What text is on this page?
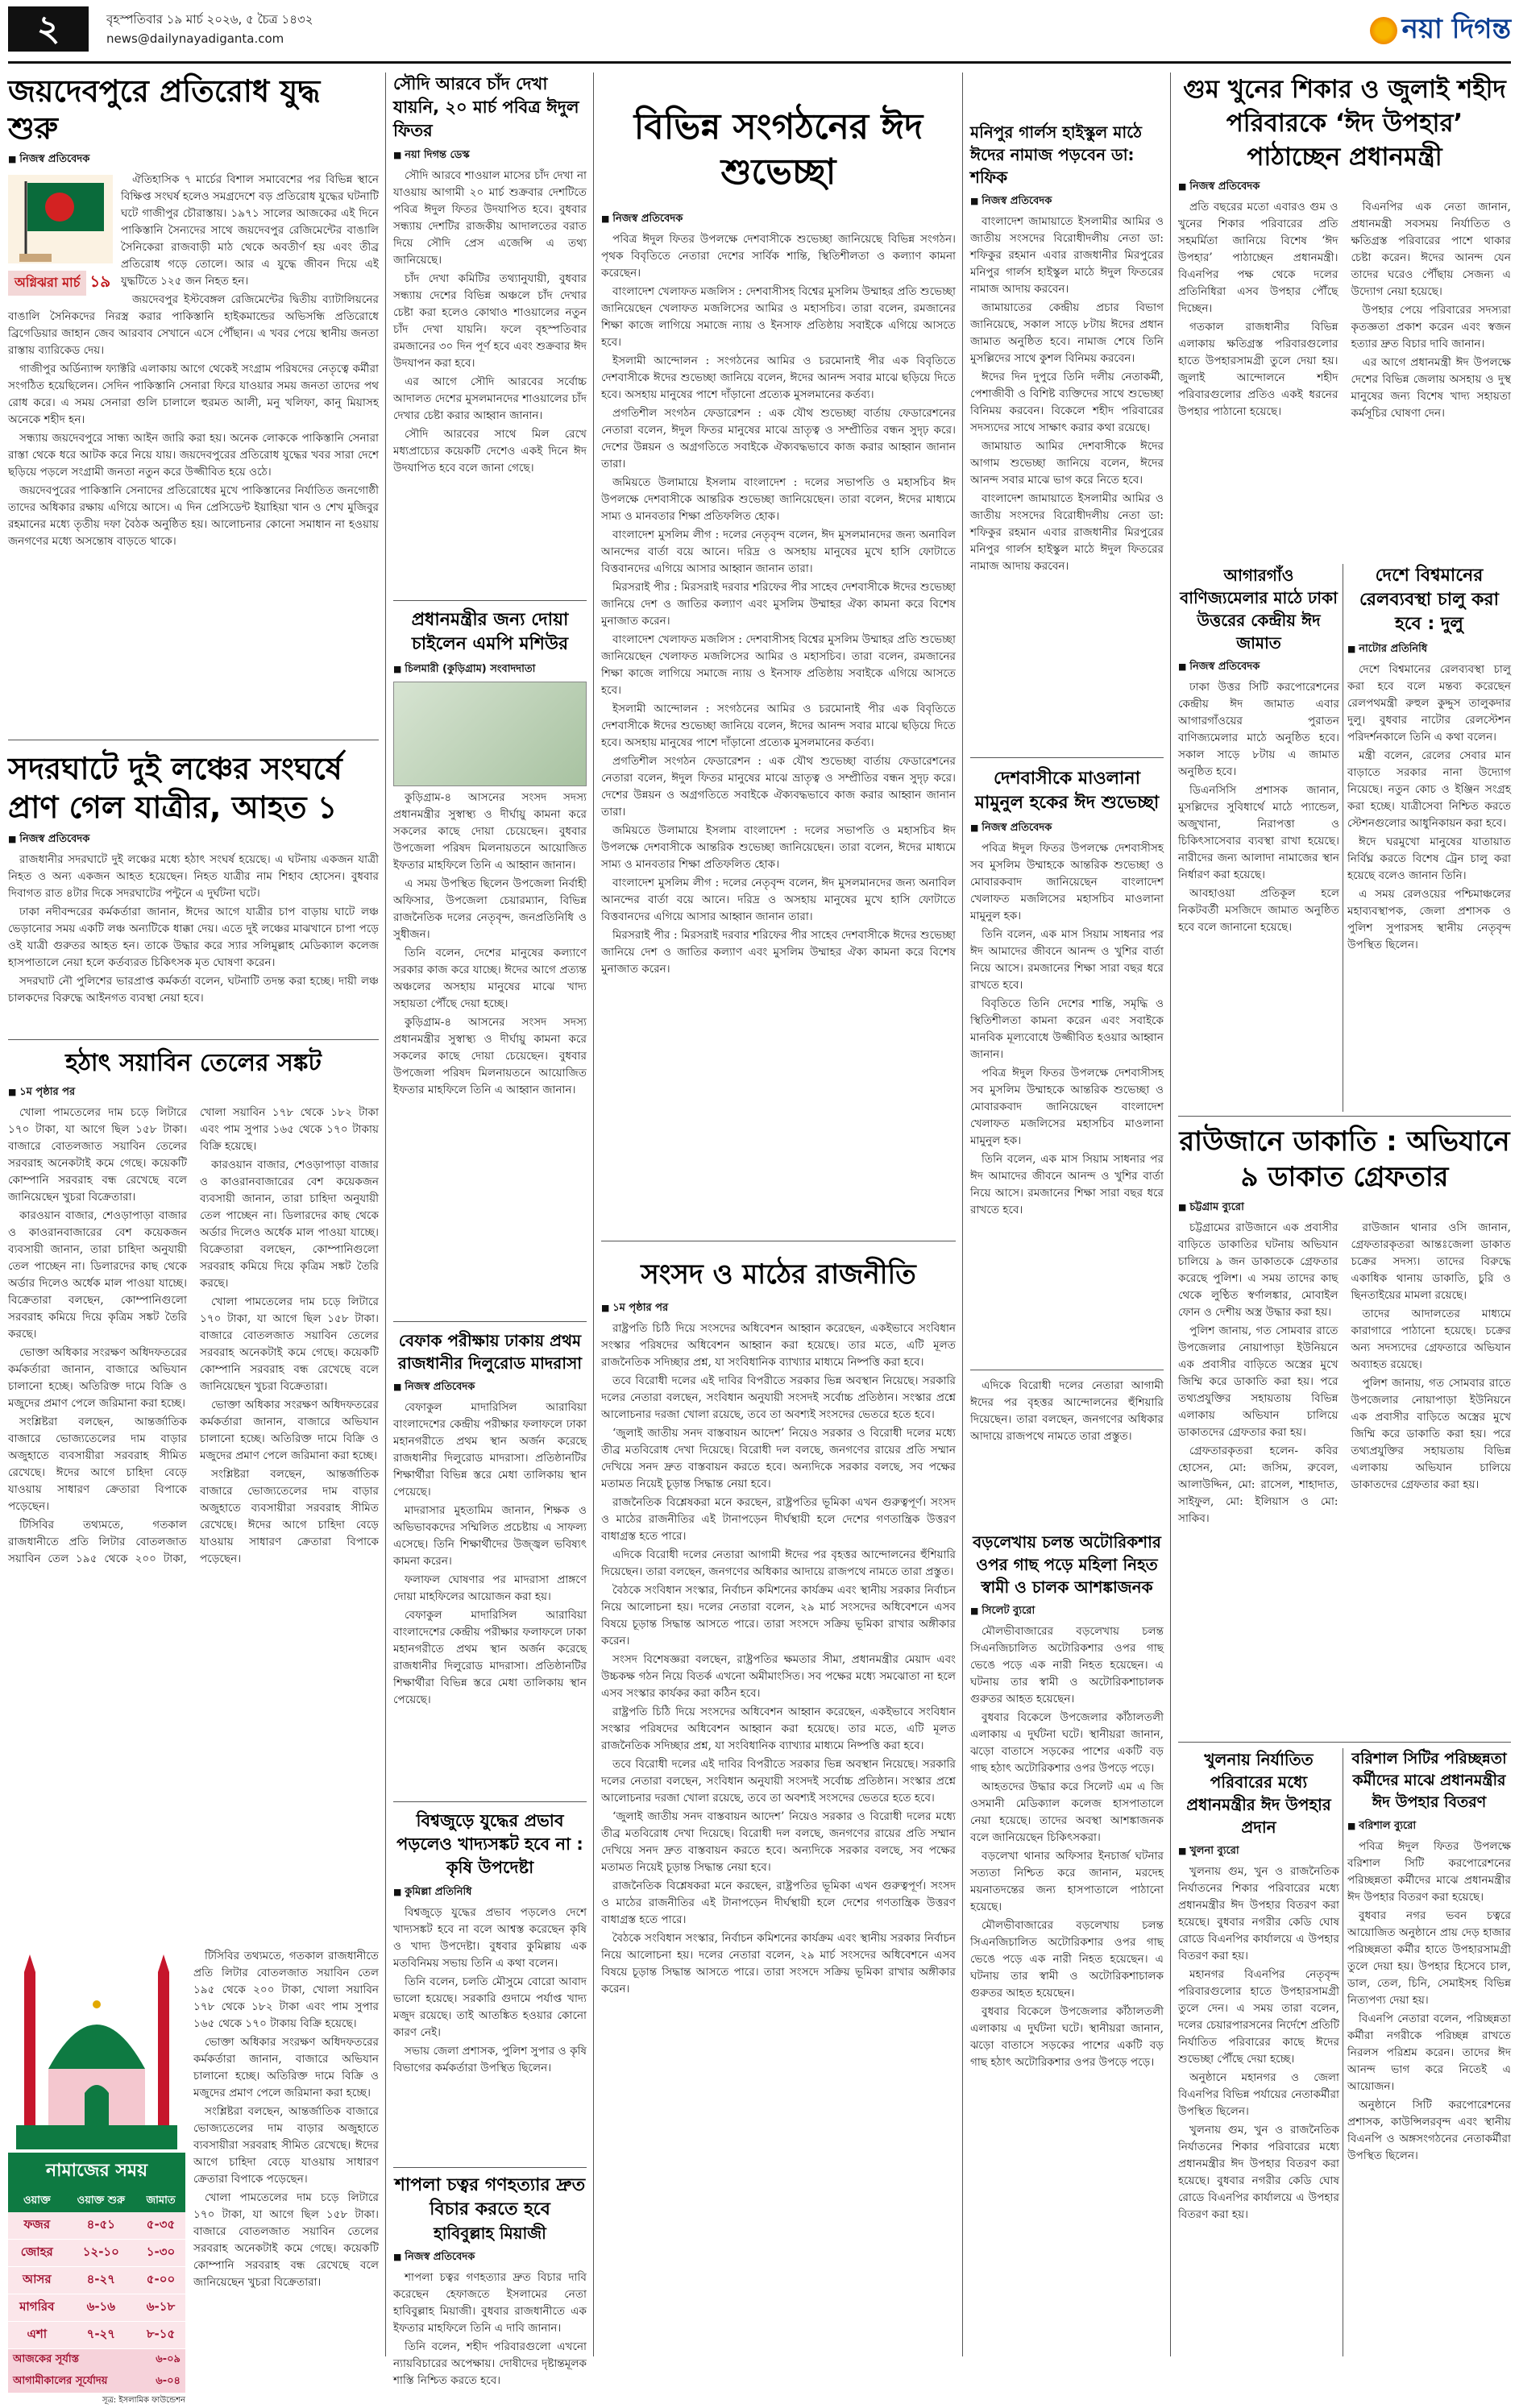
২	বৃহস্পতিবার ১৯ মার্চ ২০২৬, ৫ চৈত্র ১৪৩২
news@dailynayadiganta.com	নয়া দিগন্ত
জয়দেবপুরে প্রতিরোধ যুদ্ধ শুরু
■ নিজস্ব প্রতিবেদক
অগ্নিঝরা মার্চ ১৯

ঐতিহাসিক ৭ মার্চের বিশাল সমাবেশের পর বিভিন্ন স্থানে বিক্ষিপ্ত সংঘর্ষ হলেও সমগ্রদেশে বড় প্রতিরোধ যুদ্ধের ঘটনাটি ঘটে গাজীপুর চৌরাস্তায়। ১৯৭১ সালের আজকের এই দিনে পাকিস্তানি সৈন্যদের সাথে জয়দেবপুর রেজিমেন্টের বাঙালি সৈনিকেরা রাজবাড়ী মাঠ থেকে অবতীর্ণ হয় এবং তীব্র প্রতিরোধ গড়ে তোলে। আর এ যুদ্ধে জীবন দিয়ে এই যুদ্ধটিতে ১২৫ জন নিহত হন।

জয়দেবপুর ইস্টবেঙ্গল রেজিমেন্টের দ্বিতীয় ব্যাটালিয়নের বাঙালি সৈনিকদের নিরস্ত্র করার পাকিস্তানি হাইকমান্ডের অভিসন্ধি প্রতিরোধে ব্রিগেডিয়ার জাহান জেব আরবাব সেখানে এসে পৌঁছান। এ খবর পেয়ে স্থানীয় জনতা রাস্তায় ব্যারিকেড দেয়।

গাজীপুর অর্ডিন্যান্স ফ্যাক্টরি এলাকায় আগে থেকেই সংগ্রাম পরিষদের নেতৃত্বে কর্মীরা সংগঠিত হয়েছিলেন। সেদিন পাকিস্তানি সেনারা ফিরে যাওয়ার সময় জনতা তাদের পথ রোধ করে। এ সময় সেনারা গুলি চালালে হুরমত আলী, মনু খলিফা, কানু মিয়াসহ অনেকে শহীদ হন।

সন্ধ্যায় জয়দেবপুরে সান্ধ্য আইন জারি করা হয়। অনেক লোককে পাকিস্তানি সেনারা রাস্তা থেকে ধরে আটক করে নিয়ে যায়। জয়দেবপুরের প্রতিরোধ যুদ্ধের খবর সারা দেশে ছড়িয়ে পড়লে সংগ্রামী জনতা নতুন করে উজ্জীবিত হয়ে ওঠে।

জয়দেবপুরের পাকিস্তানি সেনাদের প্রতিরোধের মুখে পাকিস্তানের নির্যাতিত জনগোষ্ঠী তাদের অধিকার রক্ষায় এগিয়ে আসে। এ দিন প্রেসিডেন্ট ইয়াহিয়া খান ও শেখ মুজিবুর রহমানের মধ্যে তৃতীয় দফা বৈঠক অনুষ্ঠিত হয়। আলোচনার কোনো সমাধান না হওয়ায় জনগণের মধ্যে অসন্তোষ বাড়তে থাকে।

সদরঘাটে দুই লঞ্চের সংঘর্ষে প্রাণ গেল যাত্রীর, আহত ১
■ নিজস্ব প্রতিবেদক

রাজধানীর সদরঘাটে দুই লঞ্চের মধ্যে হঠাৎ সংঘর্ষ হয়েছে। এ ঘটনায় একজন যাত্রী নিহত ও অন্য একজন আহত হয়েছেন। নিহত যাত্রীর নাম শিহাব হোসেন। বুধবার দিবাগত রাত ৪টার দিকে সদরঘাটের পন্টুনে এ দুর্ঘটনা ঘটে।

ঢাকা নদীবন্দরের কর্মকর্তারা জানান, ঈদের আগে যাত্রীর চাপ বাড়ায় ঘাটে লঞ্চ ভেড়ানোর সময় একটি লঞ্চ অন্যটিকে ধাক্কা দেয়। এতে দুই লঞ্চের মাঝখানে চাপা পড়ে ওই যাত্রী গুরুতর আহত হন। তাকে উদ্ধার করে স্যার সলিমুল্লাহ মেডিক্যাল কলেজ হাসপাতালে নেয়া হলে কর্তব্যরত চিকিৎসক মৃত ঘোষণা করেন।

সদরঘাট নৌ পুলিশের ভারপ্রাপ্ত কর্মকর্তা বলেন, ঘটনাটি তদন্ত করা হচ্ছে। দায়ী লঞ্চ চালকদের বিরুদ্ধে আইনগত ব্যবস্থা নেয়া হবে।

হঠাৎ সয়াবিন তেলের সঙ্কট
■ ১ম পৃষ্ঠার পর

খোলা পামতেলের দাম চড়ে লিটারে ১৭০ টাকা, যা আগে ছিল ১৫৮ টাকা। বাজারে বোতলজাত সয়াবিন তেলের সরবরাহ অনেকটাই কমে গেছে। কয়েকটি কোম্পানি সরবরাহ বন্ধ রেখেছে বলে জানিয়েছেন খুচরা বিক্রেতারা।

কারওয়ান বাজার, শেওড়াপাড়া বাজার ও কাওরানবাজারের বেশ কয়েকজন ব্যবসায়ী জানান, তারা চাহিদা অনুযায়ী তেল পাচ্ছেন না। ডিলারদের কাছ থেকে অর্ডার দিলেও অর্ধেক মাল পাওয়া যাচ্ছে। বিক্রেতারা বলছেন, কোম্পানিগুলো সরবরাহ কমিয়ে দিয়ে কৃত্রিম সঙ্কট তৈরি করছে।

ভোক্তা অধিকার সংরক্ষণ অধিদফতরের কর্মকর্তারা জানান, বাজারে অভিযান চালানো হচ্ছে। অতিরিক্ত দামে বিক্রি ও মজুদের প্রমাণ পেলে জরিমানা করা হচ্ছে।

সংশ্লিষ্টরা বলছেন, আন্তর্জাতিক বাজারে ভোজ্যতেলের দাম বাড়ার অজুহাতে ব্যবসায়ীরা সরবরাহ সীমিত রেখেছে। ঈদের আগে চাহিদা বেড়ে যাওয়ায় সাধারণ ক্রেতারা বিপাকে পড়েছেন।

টিসিবির তথ্যমতে, গতকাল রাজধানীতে প্রতি লিটার বোতলজাত সয়াবিন তেল ১৯৫ থেকে ২০০ টাকা, খোলা সয়াবিন ১৭৮ থেকে ১৮২ টাকা এবং পাম সুপার ১৬৫ থেকে ১৭০ টাকায় বিক্রি হয়েছে।

কারওয়ান বাজার, শেওড়াপাড়া বাজার ও কাওরানবাজারের বেশ কয়েকজন ব্যবসায়ী জানান, তারা চাহিদা অনুযায়ী তেল পাচ্ছেন না। ডিলারদের কাছ থেকে অর্ডার দিলেও অর্ধেক মাল পাওয়া যাচ্ছে। বিক্রেতারা বলছেন, কোম্পানিগুলো সরবরাহ কমিয়ে দিয়ে কৃত্রিম সঙ্কট তৈরি করছে।

খোলা পামতেলের দাম চড়ে লিটারে ১৭০ টাকা, যা আগে ছিল ১৫৮ টাকা। বাজারে বোতলজাত সয়াবিন তেলের সরবরাহ অনেকটাই কমে গেছে। কয়েকটি কোম্পানি সরবরাহ বন্ধ রেখেছে বলে জানিয়েছেন খুচরা বিক্রেতারা।

ভোক্তা অধিকার সংরক্ষণ অধিদফতরের কর্মকর্তারা জানান, বাজারে অভিযান চালানো হচ্ছে। অতিরিক্ত দামে বিক্রি ও মজুদের প্রমাণ পেলে জরিমানা করা হচ্ছে।

সংশ্লিষ্টরা বলছেন, আন্তর্জাতিক বাজারে ভোজ্যতেলের দাম বাড়ার অজুহাতে ব্যবসায়ীরা সরবরাহ সীমিত রেখেছে। ঈদের আগে চাহিদা বেড়ে যাওয়ায় সাধারণ ক্রেতারা বিপাকে পড়েছেন।

নামাজের সময়
ওয়াক্ত	ওয়াক্ত শুরু	জামাত
ফজর	৪-৫১	৫-৩৫
জোহর	১২-১০	১-৩০
আসর	৪-২৭	৫-০০
মাগরিব	৬-১৬	৬-১৮
এশা	৭-২৭	৮-১৫
আজকের সূর্যাস্ত	৬-০৯
আগামীকালের সূর্যোদয়	৬-০৪
সূত্র: ইসলামিক ফাউন্ডেশন

টিসিবির তথ্যমতে, গতকাল রাজধানীতে প্রতি লিটার বোতলজাত সয়াবিন তেল ১৯৫ থেকে ২০০ টাকা, খোলা সয়াবিন ১৭৮ থেকে ১৮২ টাকা এবং পাম সুপার ১৬৫ থেকে ১৭০ টাকায় বিক্রি হয়েছে।

ভোক্তা অধিকার সংরক্ষণ অধিদফতরের কর্মকর্তারা জানান, বাজারে অভিযান চালানো হচ্ছে। অতিরিক্ত দামে বিক্রি ও মজুদের প্রমাণ পেলে জরিমানা করা হচ্ছে।

সংশ্লিষ্টরা বলছেন, আন্তর্জাতিক বাজারে ভোজ্যতেলের দাম বাড়ার অজুহাতে ব্যবসায়ীরা সরবরাহ সীমিত রেখেছে। ঈদের আগে চাহিদা বেড়ে যাওয়ায় সাধারণ ক্রেতারা বিপাকে পড়েছেন।

খোলা পামতেলের দাম চড়ে লিটারে ১৭০ টাকা, যা আগে ছিল ১৫৮ টাকা। বাজারে বোতলজাত সয়াবিন তেলের সরবরাহ অনেকটাই কমে গেছে। কয়েকটি কোম্পানি সরবরাহ বন্ধ রেখেছে বলে জানিয়েছেন খুচরা বিক্রেতারা।

সৌদি আরবে চাঁদ দেখা যায়নি, ২০ মার্চ পবিত্র ঈদুল ফিতর
■ নয়া দিগন্ত ডেস্ক

সৌদি আরবে শাওয়াল মাসের চাঁদ দেখা না যাওয়ায় আগামী ২০ মার্চ শুক্রবার দেশটিতে পবিত্র ঈদুল ফিতর উদযাপিত হবে। বুধবার সন্ধ্যায় দেশটির রাজকীয় আদালতের বরাত দিয়ে সৌদি প্রেস এজেন্সি এ তথ্য জানিয়েছে।

চাঁদ দেখা কমিটির তথ্যানুযায়ী, বুধবার সন্ধ্যায় দেশের বিভিন্ন অঞ্চলে চাঁদ দেখার চেষ্টা করা হলেও কোথাও শাওয়ালের নতুন চাঁদ দেখা যায়নি। ফলে বৃহস্পতিবার রমজানের ৩০ দিন পূর্ণ হবে এবং শুক্রবার ঈদ উদযাপন করা হবে।

এর আগে সৌদি আরবের সর্বোচ্চ আদালত দেশের মুসলমানদের শাওয়ালের চাঁদ দেখার চেষ্টা করার আহ্বান জানান।

সৌদি আরবের সাথে মিল রেখে মধ্যপ্রাচ্যের কয়েকটি দেশেও একই দিনে ঈদ উদযাপিত হবে বলে জানা গেছে।

প্রধানমন্ত্রীর জন্য দোয়া চাইলেন এমপি মশিউর
■ চিলমারী (কুড়িগ্রাম) সংবাদদাতা

কুড়িগ্রাম-৪ আসনের সংসদ সদস্য প্রধানমন্ত্রীর সুস্বাস্থ্য ও দীর্ঘায়ু কামনা করে সকলের কাছে দোয়া চেয়েছেন। বুধবার উপজেলা পরিষদ মিলনায়তনে আয়োজিত ইফতার মাহফিলে তিনি এ আহ্বান জানান।

এ সময় উপস্থিত ছিলেন উপজেলা নির্বাহী অফিসার, উপজেলা চেয়ারম্যান, বিভিন্ন রাজনৈতিক দলের নেতৃবৃন্দ, জনপ্রতিনিধি ও সুধীজন।

তিনি বলেন, দেশের মানুষের কল্যাণে সরকার কাজ করে যাচ্ছে। ঈদের আগে প্রত্যন্ত অঞ্চলের অসহায় মানুষের মাঝে খাদ্য সহায়তা পৌঁছে দেয়া হচ্ছে।

কুড়িগ্রাম-৪ আসনের সংসদ সদস্য প্রধানমন্ত্রীর সুস্বাস্থ্য ও দীর্ঘায়ু কামনা করে সকলের কাছে দোয়া চেয়েছেন। বুধবার উপজেলা পরিষদ মিলনায়তনে আয়োজিত ইফতার মাহফিলে তিনি এ আহ্বান জানান।

বেফাক পরীক্ষায় ঢাকায় প্রথম রাজধানীর দিলুরোড মাদরাসা
■ নিজস্ব প্রতিবেদক

বেফাকুল মাদারিসিল আরাবিয়া বাংলাদেশের কেন্দ্রীয় পরীক্ষার ফলাফলে ঢাকা মহানগরীতে প্রথম স্থান অর্জন করেছে রাজধানীর দিলুরোড মাদরাসা। প্রতিষ্ঠানটির শিক্ষার্থীরা বিভিন্ন স্তরে মেধা তালিকায় স্থান পেয়েছে।

মাদরাসার মুহতামিম জানান, শিক্ষক ও অভিভাবকদের সম্মিলিত প্রচেষ্টায় এ সাফল্য এসেছে। তিনি শিক্ষার্থীদের উজ্জ্বল ভবিষ্যৎ কামনা করেন।

ফলাফল ঘোষণার পর মাদরাসা প্রাঙ্গণে দোয়া মাহফিলের আয়োজন করা হয়।

বেফাকুল মাদারিসিল আরাবিয়া বাংলাদেশের কেন্দ্রীয় পরীক্ষার ফলাফলে ঢাকা মহানগরীতে প্রথম স্থান অর্জন করেছে রাজধানীর দিলুরোড মাদরাসা। প্রতিষ্ঠানটির শিক্ষার্থীরা বিভিন্ন স্তরে মেধা তালিকায় স্থান পেয়েছে।

বিশ্বজুড়ে যুদ্ধের প্রভাব পড়লেও খাদ্যসঙ্কট হবে না : কৃষি উপদেষ্টা
■ কুমিল্লা প্রতিনিধি

বিশ্বজুড়ে যুদ্ধের প্রভাব পড়লেও দেশে খাদ্যসঙ্কট হবে না বলে আশ্বস্ত করেছেন কৃষি ও খাদ্য উপদেষ্টা। বুধবার কুমিল্লায় এক মতবিনিময় সভায় তিনি এ কথা বলেন।

তিনি বলেন, চলতি মৌসুমে বোরো আবাদ ভালো হয়েছে। সরকারি গুদামে পর্যাপ্ত খাদ্য মজুদ রয়েছে। তাই আতঙ্কিত হওয়ার কোনো কারণ নেই।

সভায় জেলা প্রশাসক, পুলিশ সুপার ও কৃষি বিভাগের কর্মকর্তারা উপস্থিত ছিলেন।

শাপলা চত্বর গণহত্যার দ্রুত বিচার করতে হবে
হাবিবুল্লাহ মিয়াজী
■ নিজস্ব প্রতিবেদক

শাপলা চত্বর গণহত্যার দ্রুত বিচার দাবি করেছেন হেফাজতে ইসলামের নেতা হাবিবুল্লাহ মিয়াজী। বুধবার রাজধানীতে এক ইফতার মাহফিলে তিনি এ দাবি জানান।

তিনি বলেন, শহীদ পরিবারগুলো এখনো ন্যায়বিচারের অপেক্ষায়। দোষীদের দৃষ্টান্তমূলক শাস্তি নিশ্চিত করতে হবে।

বিভিন্ন সংগঠনের ঈদ শুভেচ্ছা
■ নিজস্ব প্রতিবেদক

পবিত্র ঈদুল ফিতর উপলক্ষে দেশবাসীকে শুভেচ্ছা জানিয়েছে বিভিন্ন সংগঠন। পৃথক বিবৃতিতে নেতারা দেশের সার্বিক শান্তি, স্থিতিশীলতা ও কল্যাণ কামনা করেছেন।

বাংলাদেশ খেলাফত মজলিস : দেশবাসীসহ বিশ্বের মুসলিম উম্মাহর প্রতি শুভেচ্ছা জানিয়েছেন খেলাফত মজলিসের আমির ও মহাসচিব। তারা বলেন, রমজানের শিক্ষা কাজে লাগিয়ে সমাজে ন্যায় ও ইনসাফ প্রতিষ্ঠায় সবাইকে এগিয়ে আসতে হবে।

ইসলামী আন্দোলন : সংগঠনের আমির ও চরমোনাই পীর এক বিবৃতিতে দেশবাসীকে ঈদের শুভেচ্ছা জানিয়ে বলেন, ঈদের আনন্দ সবার মাঝে ছড়িয়ে দিতে হবে। অসহায় মানুষের পাশে দাঁড়ানো প্রত্যেক মুসলমানের কর্তব্য।

প্রগতিশীল সংগঠন ফেডারেশন : এক যৌথ শুভেচ্ছা বার্তায় ফেডারেশনের নেতারা বলেন, ঈদুল ফিতর মানুষের মাঝে ভ্রাতৃত্ব ও সম্প্রীতির বন্ধন সুদৃঢ় করে। দেশের উন্নয়ন ও অগ্রগতিতে সবাইকে ঐক্যবদ্ধভাবে কাজ করার আহ্বান জানান তারা।

জমিয়তে উলামায়ে ইসলাম বাংলাদেশ : দলের সভাপতি ও মহাসচিব ঈদ উপলক্ষে দেশবাসীকে আন্তরিক শুভেচ্ছা জানিয়েছেন। তারা বলেন, ঈদের মাধ্যমে সাম্য ও মানবতার শিক্ষা প্রতিফলিত হোক।

বাংলাদেশ মুসলিম লীগ : দলের নেতৃবৃন্দ বলেন, ঈদ মুসলমানদের জন্য অনাবিল আনন্দের বার্তা বয়ে আনে। দরিদ্র ও অসহায় মানুষের মুখে হাসি ফোটাতে বিত্তবানদের এগিয়ে আসার আহ্বান জানান তারা।

মিরসরাই পীর : মিরসরাই দরবার শরিফের পীর সাহেব দেশবাসীকে ঈদের শুভেচ্ছা জানিয়ে দেশ ও জাতির কল্যাণ এবং মুসলিম উম্মাহর ঐক্য কামনা করে বিশেষ মুনাজাত করেন।

বাংলাদেশ খেলাফত মজলিস : দেশবাসীসহ বিশ্বের মুসলিম উম্মাহর প্রতি শুভেচ্ছা জানিয়েছেন খেলাফত মজলিসের আমির ও মহাসচিব। তারা বলেন, রমজানের শিক্ষা কাজে লাগিয়ে সমাজে ন্যায় ও ইনসাফ প্রতিষ্ঠায় সবাইকে এগিয়ে আসতে হবে।

ইসলামী আন্দোলন : সংগঠনের আমির ও চরমোনাই পীর এক বিবৃতিতে দেশবাসীকে ঈদের শুভেচ্ছা জানিয়ে বলেন, ঈদের আনন্দ সবার মাঝে ছড়িয়ে দিতে হবে। অসহায় মানুষের পাশে দাঁড়ানো প্রত্যেক মুসলমানের কর্তব্য।

প্রগতিশীল সংগঠন ফেডারেশন : এক যৌথ শুভেচ্ছা বার্তায় ফেডারেশনের নেতারা বলেন, ঈদুল ফিতর মানুষের মাঝে ভ্রাতৃত্ব ও সম্প্রীতির বন্ধন সুদৃঢ় করে। দেশের উন্নয়ন ও অগ্রগতিতে সবাইকে ঐক্যবদ্ধভাবে কাজ করার আহ্বান জানান তারা।

জমিয়তে উলামায়ে ইসলাম বাংলাদেশ : দলের সভাপতি ও মহাসচিব ঈদ উপলক্ষে দেশবাসীকে আন্তরিক শুভেচ্ছা জানিয়েছেন। তারা বলেন, ঈদের মাধ্যমে সাম্য ও মানবতার শিক্ষা প্রতিফলিত হোক।

বাংলাদেশ মুসলিম লীগ : দলের নেতৃবৃন্দ বলেন, ঈদ মুসলমানদের জন্য অনাবিল আনন্দের বার্তা বয়ে আনে। দরিদ্র ও অসহায় মানুষের মুখে হাসি ফোটাতে বিত্তবানদের এগিয়ে আসার আহ্বান জানান তারা।

মিরসরাই পীর : মিরসরাই দরবার শরিফের পীর সাহেব দেশবাসীকে ঈদের শুভেচ্ছা জানিয়ে দেশ ও জাতির কল্যাণ এবং মুসলিম উম্মাহর ঐক্য কামনা করে বিশেষ মুনাজাত করেন।

সংসদ ও মাঠের রাজনীতি
■ ১ম পৃষ্ঠার পর

রাষ্ট্রপতি চিঠি দিয়ে সংসদের অধিবেশন আহ্বান করেছেন, একইভাবে সংবিধান সংস্কার পরিষদের অধিবেশন আহ্বান করা হয়েছে। তার মতে, এটি মূলত রাজনৈতিক সদিচ্ছার প্রশ্ন, যা সংবিধানিক ব্যাখ্যার মাধ্যমে নিষ্পত্তি করা হবে।

তবে বিরোধী দলের এই দাবির বিপরীতে সরকার ভিন্ন অবস্থান নিয়েছে। সরকারি দলের নেতারা বলছেন, সংবিধান অনুযায়ী সংসদই সর্বোচ্চ প্রতিষ্ঠান। সংস্কার প্রশ্নে আলোচনার দরজা খোলা রয়েছে, তবে তা অবশ্যই সংসদের ভেতরে হতে হবে।

‘জুলাই জাতীয় সনদ বাস্তবায়ন আদেশ’ নিয়েও সরকার ও বিরোধী দলের মধ্যে তীব্র মতবিরোধ দেখা দিয়েছে। বিরোধী দল বলছে, জনগণের রায়ের প্রতি সম্মান দেখিয়ে সনদ দ্রুত বাস্তবায়ন করতে হবে। অন্যদিকে সরকার বলছে, সব পক্ষের মতামত নিয়েই চূড়ান্ত সিদ্ধান্ত নেয়া হবে।

রাজনৈতিক বিশ্লেষকরা মনে করছেন, রাষ্ট্রপতির ভূমিকা এখন গুরুত্বপূর্ণ। সংসদ ও মাঠের রাজনীতির এই টানাপড়েন দীর্ঘস্থায়ী হলে দেশের গণতান্ত্রিক উত্তরণ বাধাগ্রস্ত হতে পারে।

এদিকে বিরোধী দলের নেতারা আগামী ঈদের পর বৃহত্তর আন্দোলনের হুঁশিয়ারি দিয়েছেন। তারা বলছেন, জনগণের অধিকার আদায়ে রাজপথে নামতে তারা প্রস্তুত।

বৈঠকে সংবিধান সংস্কার, নির্বাচন কমিশনের কার্যক্রম এবং স্থানীয় সরকার নির্বাচন নিয়ে আলোচনা হয়। দলের নেতারা বলেন, ২৯ মার্চ সংসদের অধিবেশনে এসব বিষয়ে চূড়ান্ত সিদ্ধান্ত আসতে পারে। তারা সংসদে সক্রিয় ভূমিকা রাখার অঙ্গীকার করেন।

সংসদ বিশেষজ্ঞরা বলছেন, রাষ্ট্রপতির ক্ষমতার সীমা, প্রধানমন্ত্রীর মেয়াদ এবং উচ্চকক্ষ গঠন নিয়ে বিতর্ক এখনো অমীমাংসিত। সব পক্ষের মধ্যে সমঝোতা না হলে এসব সংস্কার কার্যকর করা কঠিন হবে।

রাষ্ট্রপতি চিঠি দিয়ে সংসদের অধিবেশন আহ্বান করেছেন, একইভাবে সংবিধান সংস্কার পরিষদের অধিবেশন আহ্বান করা হয়েছে। তার মতে, এটি মূলত রাজনৈতিক সদিচ্ছার প্রশ্ন, যা সংবিধানিক ব্যাখ্যার মাধ্যমে নিষ্পত্তি করা হবে।

তবে বিরোধী দলের এই দাবির বিপরীতে সরকার ভিন্ন অবস্থান নিয়েছে। সরকারি দলের নেতারা বলছেন, সংবিধান অনুযায়ী সংসদই সর্বোচ্চ প্রতিষ্ঠান। সংস্কার প্রশ্নে আলোচনার দরজা খোলা রয়েছে, তবে তা অবশ্যই সংসদের ভেতরে হতে হবে।

‘জুলাই জাতীয় সনদ বাস্তবায়ন আদেশ’ নিয়েও সরকার ও বিরোধী দলের মধ্যে তীব্র মতবিরোধ দেখা দিয়েছে। বিরোধী দল বলছে, জনগণের রায়ের প্রতি সম্মান দেখিয়ে সনদ দ্রুত বাস্তবায়ন করতে হবে। অন্যদিকে সরকার বলছে, সব পক্ষের মতামত নিয়েই চূড়ান্ত সিদ্ধান্ত নেয়া হবে।

রাজনৈতিক বিশ্লেষকরা মনে করছেন, রাষ্ট্রপতির ভূমিকা এখন গুরুত্বপূর্ণ। সংসদ ও মাঠের রাজনীতির এই টানাপড়েন দীর্ঘস্থায়ী হলে দেশের গণতান্ত্রিক উত্তরণ বাধাগ্রস্ত হতে পারে।

বৈঠকে সংবিধান সংস্কার, নির্বাচন কমিশনের কার্যক্রম এবং স্থানীয় সরকার নির্বাচন নিয়ে আলোচনা হয়। দলের নেতারা বলেন, ২৯ মার্চ সংসদের অধিবেশনে এসব বিষয়ে চূড়ান্ত সিদ্ধান্ত আসতে পারে। তারা সংসদে সক্রিয় ভূমিকা রাখার অঙ্গীকার করেন।

মনিপুর গার্লস হাইস্কুল মাঠে ঈদের নামাজ পড়বেন ডা: শফিক
■ নিজস্ব প্রতিবেদক

বাংলাদেশ জামায়াতে ইসলামীর আমির ও জাতীয় সংসদের বিরোধীদলীয় নেতা ডা: শফিকুর রহমান এবার রাজধানীর মিরপুরের মনিপুর গার্লস হাইস্কুল মাঠে ঈদুল ফিতরের নামাজ আদায় করবেন।

জামায়াতের কেন্দ্রীয় প্রচার বিভাগ জানিয়েছে, সকাল সাড়ে ৮টায় ঈদের প্রধান জামাত অনুষ্ঠিত হবে। নামাজ শেষে তিনি মুসল্লিদের সাথে কুশল বিনিময় করবেন।

ঈদের দিন দুপুরে তিনি দলীয় নেতাকর্মী, পেশাজীবী ও বিশিষ্ট ব্যক্তিদের সাথে শুভেচ্ছা বিনিময় করবেন। বিকেলে শহীদ পরিবারের সদস্যদের সাথে সাক্ষাৎ করার কথা রয়েছে।

জামায়াত আমির দেশবাসীকে ঈদের আগাম শুভেচ্ছা জানিয়ে বলেন, ঈদের আনন্দ সবার মাঝে ভাগ করে নিতে হবে।

বাংলাদেশ জামায়াতে ইসলামীর আমির ও জাতীয় সংসদের বিরোধীদলীয় নেতা ডা: শফিকুর রহমান এবার রাজধানীর মিরপুরের মনিপুর গার্লস হাইস্কুল মাঠে ঈদুল ফিতরের নামাজ আদায় করবেন।

দেশবাসীকে মাওলানা মামুনুল হকের ঈদ শুভেচ্ছা
■ নিজস্ব প্রতিবেদক

পবিত্র ঈদুল ফিতর উপলক্ষে দেশবাসীসহ সব মুসলিম উম্মাহকে আন্তরিক শুভেচ্ছা ও মোবারকবাদ জানিয়েছেন বাংলাদেশ খেলাফত মজলিসের মহাসচিব মাওলানা মামুনুল হক।

তিনি বলেন, এক মাস সিয়াম সাধনার পর ঈদ আমাদের জীবনে আনন্দ ও খুশির বার্তা নিয়ে আসে। রমজানের শিক্ষা সারা বছর ধরে রাখতে হবে।

বিবৃতিতে তিনি দেশের শান্তি, সমৃদ্ধি ও স্থিতিশীলতা কামনা করেন এবং সবাইকে মানবিক মূল্যবোধে উজ্জীবিত হওয়ার আহ্বান জানান।

পবিত্র ঈদুল ফিতর উপলক্ষে দেশবাসীসহ সব মুসলিম উম্মাহকে আন্তরিক শুভেচ্ছা ও মোবারকবাদ জানিয়েছেন বাংলাদেশ খেলাফত মজলিসের মহাসচিব মাওলানা মামুনুল হক।

তিনি বলেন, এক মাস সিয়াম সাধনার পর ঈদ আমাদের জীবনে আনন্দ ও খুশির বার্তা নিয়ে আসে। রমজানের শিক্ষা সারা বছর ধরে রাখতে হবে।

বড়লেখায় চলন্ত অটোরিকশার ওপর গাছ পড়ে মহিলা নিহত স্বামী ও চালক আশঙ্কাজনক
■ সিলেট ব্যুরো

মৌলভীবাজারের বড়লেখায় চলন্ত সিএনজিচালিত অটোরিকশার ওপর গাছ ভেঙে পড়ে এক নারী নিহত হয়েছেন। এ ঘটনায় তার স্বামী ও অটোরিকশাচালক গুরুতর আহত হয়েছেন।

বুধবার বিকেলে উপজেলার কাঁঠালতলী এলাকায় এ দুর্ঘটনা ঘটে। স্থানীয়রা জানান, ঝড়ো বাতাসে সড়কের পাশের একটি বড় গাছ হঠাৎ অটোরিকশার ওপর উপড়ে পড়ে।

আহতদের উদ্ধার করে সিলেট এম এ জি ওসমানী মেডিক্যাল কলেজ হাসপাতালে নেয়া হয়েছে। তাদের অবস্থা আশঙ্কাজনক বলে জানিয়েছেন চিকিৎসকরা।

বড়লেখা থানার অফিসার ইনচার্জ ঘটনার সত্যতা নিশ্চিত করে জানান, মরদেহ ময়নাতদন্তের জন্য হাসপাতালে পাঠানো হয়েছে।

মৌলভীবাজারের বড়লেখায় চলন্ত সিএনজিচালিত অটোরিকশার ওপর গাছ ভেঙে পড়ে এক নারী নিহত হয়েছেন। এ ঘটনায় তার স্বামী ও অটোরিকশাচালক গুরুতর আহত হয়েছেন।

বুধবার বিকেলে উপজেলার কাঁঠালতলী এলাকায় এ দুর্ঘটনা ঘটে। স্থানীয়রা জানান, ঝড়ো বাতাসে সড়কের পাশের একটি বড় গাছ হঠাৎ অটোরিকশার ওপর উপড়ে পড়ে।

এদিকে বিরোধী দলের নেতারা আগামী ঈদের পর বৃহত্তর আন্দোলনের হুঁশিয়ারি দিয়েছেন। তারা বলছেন, জনগণের অধিকার আদায়ে রাজপথে নামতে তারা প্রস্তুত।

গুম খুনের শিকার ও জুলাই শহীদ পরিবারকে ‘ঈদ উপহার’ পাঠাচ্ছেন প্রধানমন্ত্রী
■ নিজস্ব প্রতিবেদক

প্রতি বছরের মতো এবারও গুম ও খুনের শিকার পরিবারের প্রতি সহমর্মিতা জানিয়ে বিশেষ ‘ঈদ উপহার’ পাঠাচ্ছেন প্রধানমন্ত্রী। বিএনপির পক্ষ থেকে দলের প্রতিনিধিরা এসব উপহার পৌঁছে দিচ্ছেন।

গতকাল রাজধানীর বিভিন্ন এলাকায় ক্ষতিগ্রস্ত পরিবারগুলোর হাতে উপহারসামগ্রী তুলে দেয়া হয়। জুলাই আন্দোলনে শহীদ পরিবারগুলোর প্রতিও একই ধরনের উপহার পাঠানো হয়েছে।

বিএনপির এক নেতা জানান, প্রধানমন্ত্রী সবসময় নির্যাতিত ও ক্ষতিগ্রস্ত পরিবারের পাশে থাকার চেষ্টা করেন। ঈদের আনন্দ যেন তাদের ঘরেও পৌঁছায় সেজন্য এ উদ্যোগ নেয়া হয়েছে।

উপহার পেয়ে পরিবারের সদস্যরা কৃতজ্ঞতা প্রকাশ করেন এবং স্বজন হত্যার দ্রুত বিচার দাবি জানান।

এর আগে প্রধানমন্ত্রী ঈদ উপলক্ষে দেশের বিভিন্ন জেলায় অসহায় ও দুস্থ মানুষের জন্য বিশেষ খাদ্য সহায়তা কর্মসূচির ঘোষণা দেন।

আগারগাঁও বাণিজ্যমেলার মাঠে ঢাকা উত্তরের কেন্দ্রীয় ঈদ জামাত
■ নিজস্ব প্রতিবেদক

ঢাকা উত্তর সিটি করপোরেশনের কেন্দ্রীয় ঈদ জামাত এবার আগারগাঁওয়ের পুরাতন বাণিজ্যমেলার মাঠে অনুষ্ঠিত হবে। সকাল সাড়ে ৮টায় এ জামাত অনুষ্ঠিত হবে।

ডিএনসিসি প্রশাসক জানান, মুসল্লিদের সুবিধার্থে মাঠে প্যান্ডেল, অজুখানা, নিরাপত্তা ও চিকিৎসাসেবার ব্যবস্থা রাখা হয়েছে। নারীদের জন্য আলাদা নামাজের স্থান নির্ধারণ করা হয়েছে।

আবহাওয়া প্রতিকূল হলে নিকটবর্তী মসজিদে জামাত অনুষ্ঠিত হবে বলে জানানো হয়েছে।

দেশে বিশ্বমানের রেলব্যবস্থা চালু করা হবে : দুলু
■ নাটোর প্রতিনিধি

দেশে বিশ্বমানের রেলব্যবস্থা চালু করা হবে বলে মন্তব্য করেছেন রেলপথমন্ত্রী রুহুল কুদ্দুস তালুকদার দুলু। বুধবার নাটোর রেলস্টেশন পরিদর্শনকালে তিনি এ কথা বলেন।

মন্ত্রী বলেন, রেলের সেবার মান বাড়াতে সরকার নানা উদ্যোগ নিয়েছে। নতুন কোচ ও ইঞ্জিন সংগ্রহ করা হচ্ছে। যাত্রীসেবা নিশ্চিত করতে স্টেশনগুলোর আধুনিকায়ন করা হবে।

ঈদে ঘরমুখো মানুষের যাতায়াত নির্বিঘ্ন করতে বিশেষ ট্রেন চালু করা হয়েছে বলেও জানান তিনি।

এ সময় রেলওয়ের পশ্চিমাঞ্চলের মহাব্যবস্থাপক, জেলা প্রশাসক ও পুলিশ সুপারসহ স্থানীয় নেতৃবৃন্দ উপস্থিত ছিলেন।

রাউজানে ডাকাতি : অভিযানে ৯ ডাকাত গ্রেফতার
■ চট্টগ্রাম ব্যুরো

চট্টগ্রামের রাউজানে এক প্রবাসীর বাড়িতে ডাকাতির ঘটনায় অভিযান চালিয়ে ৯ জন ডাকাতকে গ্রেফতার করেছে পুলিশ। এ সময় তাদের কাছ থেকে লুণ্ঠিত স্বর্ণালঙ্কার, মোবাইল ফোন ও দেশীয় অস্ত্র উদ্ধার করা হয়।

পুলিশ জানায়, গত সোমবার রাতে উপজেলার নোয়াপাড়া ইউনিয়নে এক প্রবাসীর বাড়িতে অস্ত্রের মুখে জিম্মি করে ডাকাতি করা হয়। পরে তথ্যপ্রযুক্তির সহায়তায় বিভিন্ন এলাকায় অভিযান চালিয়ে ডাকাতদের গ্রেফতার করা হয়।

গ্রেফতারকৃতরা হলেন- কবির হোসেন, মো: জসিম, রুবেল, আলাউদ্দিন, মো: রাসেল, শাহাদাত, সাইফুল, মো: ইলিয়াস ও মো: সাকিব।

রাউজান থানার ওসি জানান, গ্রেফতারকৃতরা আন্তঃজেলা ডাকাত চক্রের সদস্য। তাদের বিরুদ্ধে একাধিক থানায় ডাকাতি, চুরি ও ছিনতাইয়ের মামলা রয়েছে।

তাদের আদালতের মাধ্যমে কারাগারে পাঠানো হয়েছে। চক্রের অন্য সদস্যদের গ্রেফতারে অভিযান অব্যাহত রয়েছে।

পুলিশ জানায়, গত সোমবার রাতে উপজেলার নোয়াপাড়া ইউনিয়নে এক প্রবাসীর বাড়িতে অস্ত্রের মুখে জিম্মি করে ডাকাতি করা হয়। পরে তথ্যপ্রযুক্তির সহায়তায় বিভিন্ন এলাকায় অভিযান চালিয়ে ডাকাতদের গ্রেফতার করা হয়।

খুলনায় নির্যাতিত পরিবারের মধ্যে প্রধানমন্ত্রীর ঈদ উপহার প্রদান
■ খুলনা ব্যুরো

খুলনায় গুম, খুন ও রাজনৈতিক নির্যাতনের শিকার পরিবারের মধ্যে প্রধানমন্ত্রীর ঈদ উপহার বিতরণ করা হয়েছে। বুধবার নগরীর কেডি ঘোষ রোডে বিএনপির কার্যালয়ে এ উপহার বিতরণ করা হয়।

মহানগর বিএনপির নেতৃবৃন্দ পরিবারগুলোর হাতে উপহারসামগ্রী তুলে দেন। এ সময় তারা বলেন, দলের চেয়ারপারসনের নির্দেশে প্রতিটি নির্যাতিত পরিবারের কাছে ঈদের শুভেচ্ছা পৌঁছে দেয়া হচ্ছে।

অনুষ্ঠানে মহানগর ও জেলা বিএনপির বিভিন্ন পর্যায়ের নেতাকর্মীরা উপস্থিত ছিলেন।

খুলনায় গুম, খুন ও রাজনৈতিক নির্যাতনের শিকার পরিবারের মধ্যে প্রধানমন্ত্রীর ঈদ উপহার বিতরণ করা হয়েছে। বুধবার নগরীর কেডি ঘোষ রোডে বিএনপির কার্যালয়ে এ উপহার বিতরণ করা হয়।

বরিশাল সিটির পরিচ্ছন্নতা কর্মীদের মাঝে প্রধানমন্ত্রীর ঈদ উপহার বিতরণ
■ বরিশাল ব্যুরো

পবিত্র ঈদুল ফিতর উপলক্ষে বরিশাল সিটি করপোরেশনের পরিচ্ছন্নতা কর্মীদের মাঝে প্রধানমন্ত্রীর ঈদ উপহার বিতরণ করা হয়েছে।

বুধবার নগর ভবন চত্বরে আয়োজিত অনুষ্ঠানে প্রায় দেড় হাজার পরিচ্ছন্নতা কর্মীর হাতে উপহারসামগ্রী তুলে দেয়া হয়। উপহার হিসেবে চাল, ডাল, তেল, চিনি, সেমাইসহ বিভিন্ন নিত্যপণ্য দেয়া হয়।

বিএনপি নেতারা বলেন, পরিচ্ছন্নতা কর্মীরা নগরীকে পরিচ্ছন্ন রাখতে নিরলস পরিশ্রম করেন। তাদের ঈদ আনন্দ ভাগ করে নিতেই এ আয়োজন।

অনুষ্ঠানে সিটি করপোরেশনের প্রশাসক, কাউন্সিলরবৃন্দ এবং স্থানীয় বিএনপি ও অঙ্গসংগঠনের নেতাকর্মীরা উপস্থিত ছিলেন।
